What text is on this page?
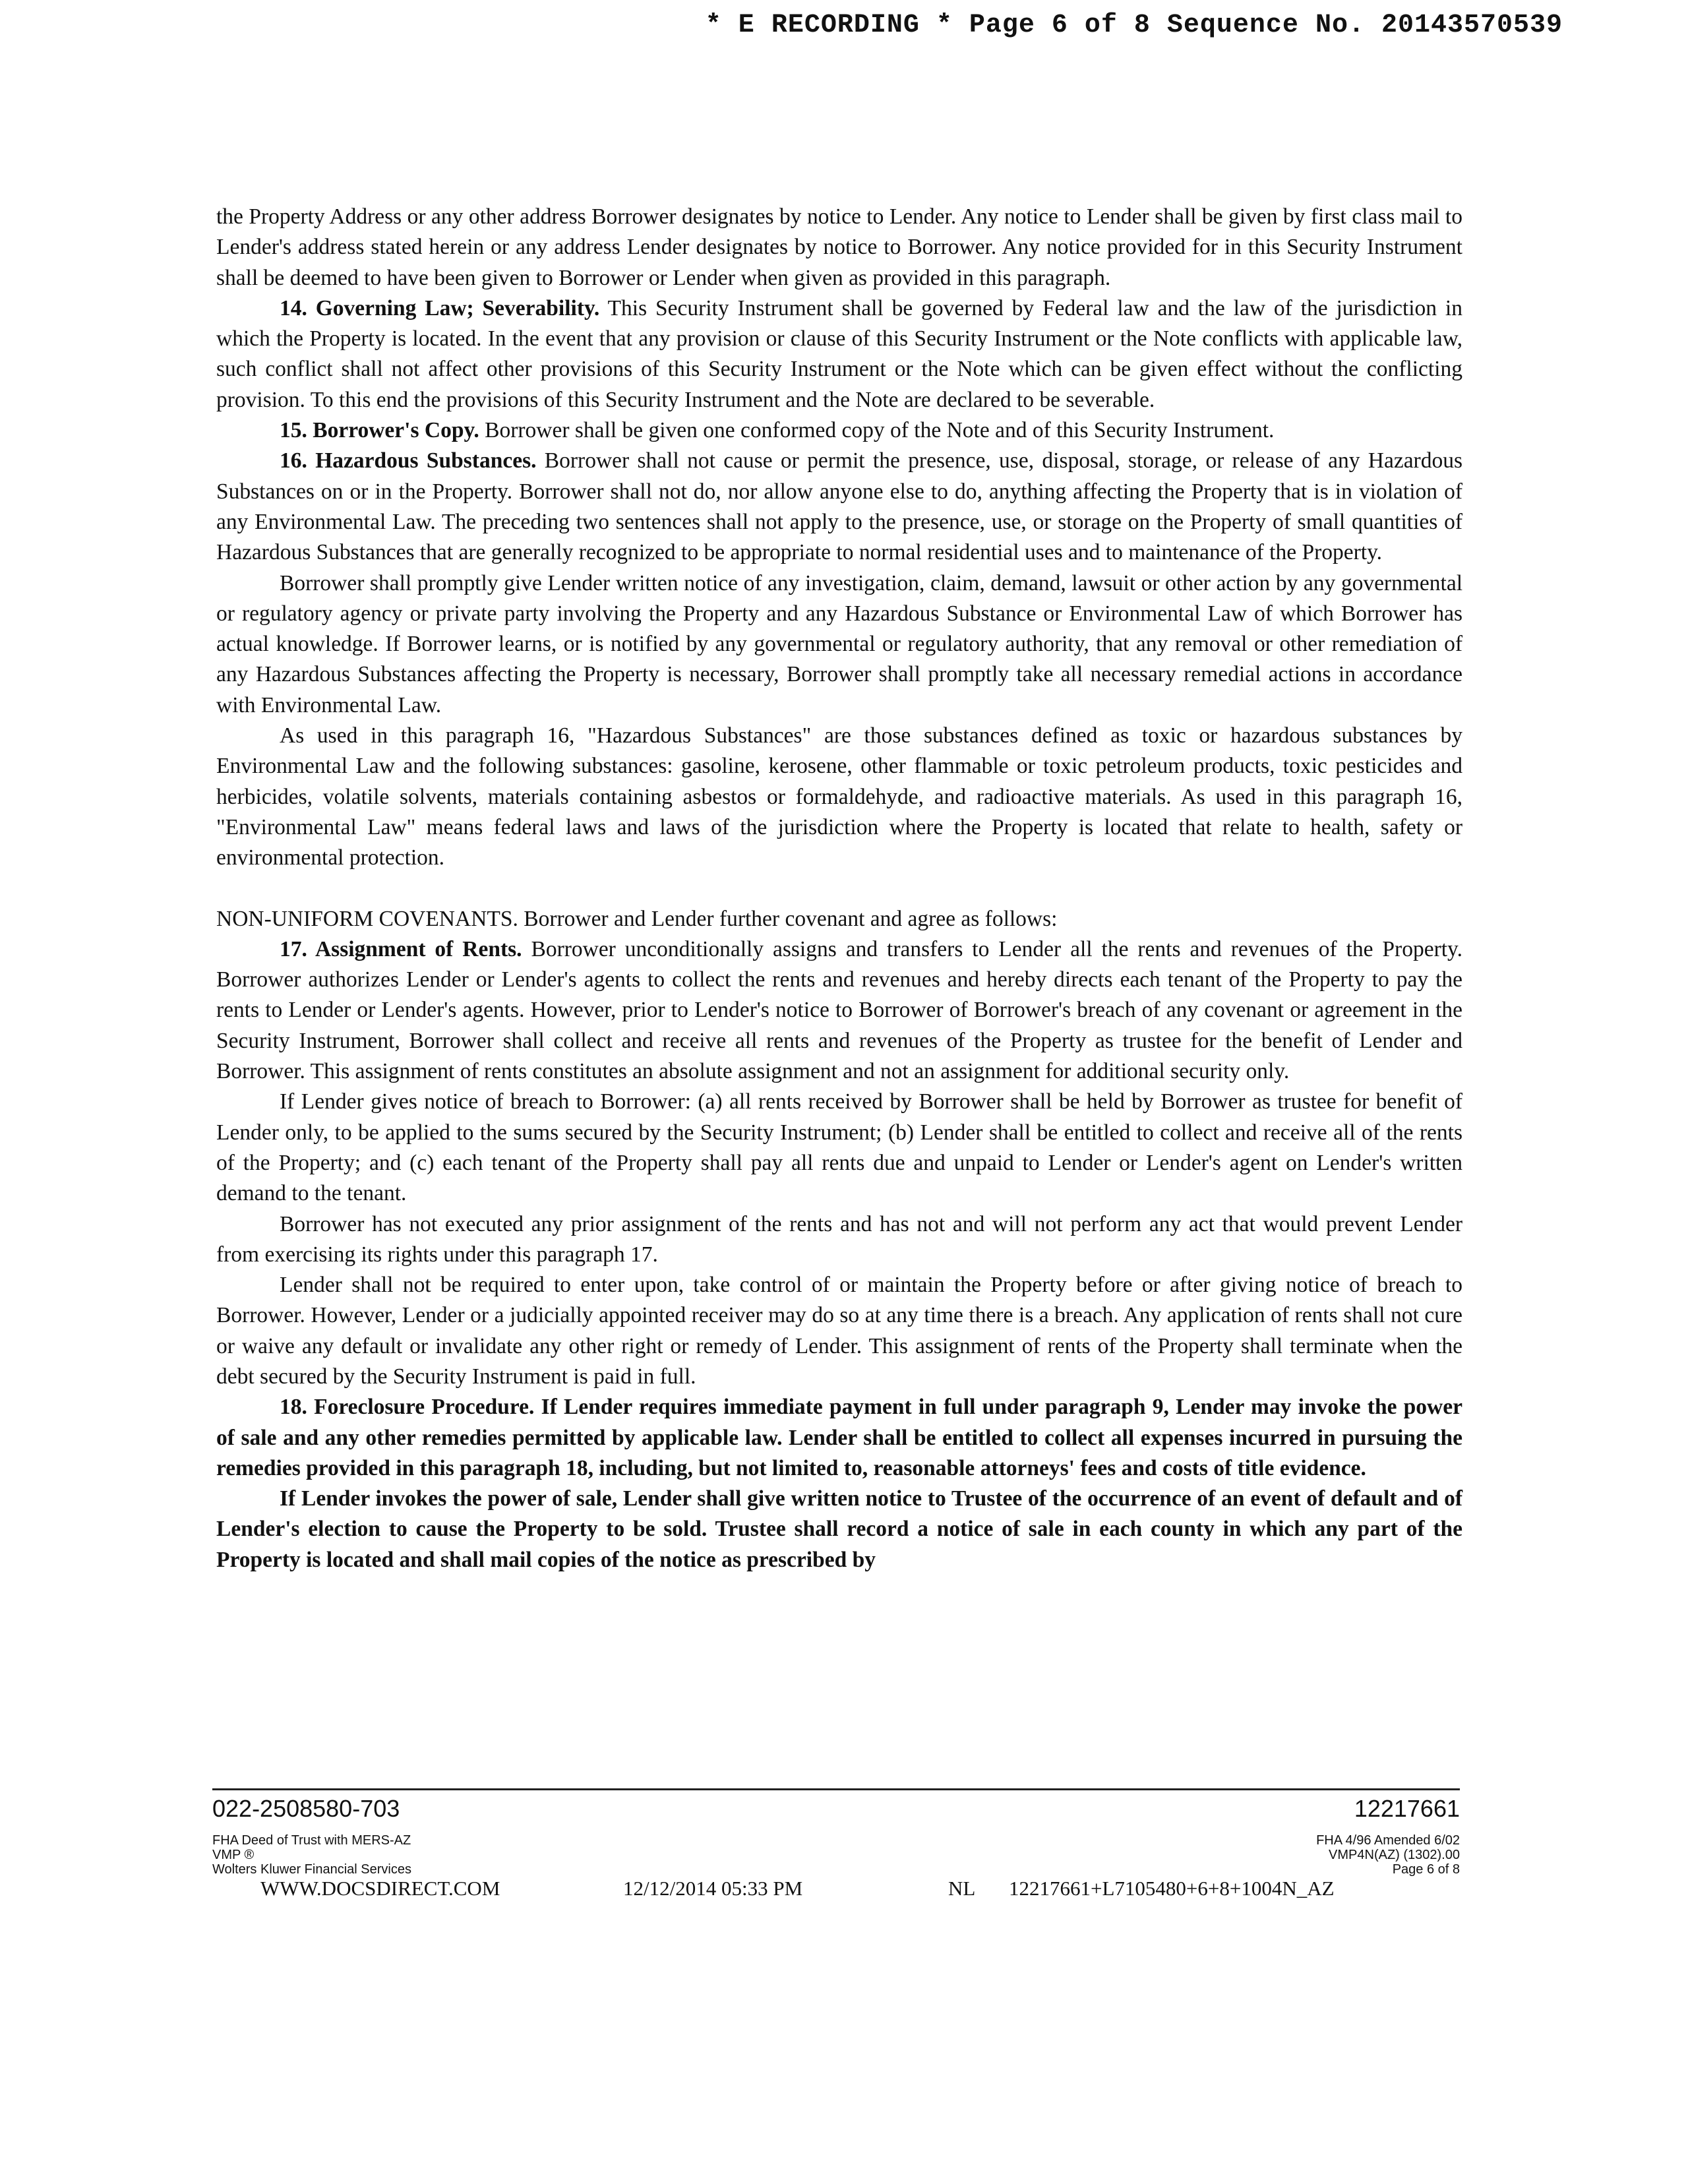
* E RECORDING * Page 6 of 8 Sequence No. 20143570539

the Property Address or any other address Borrower designates by notice to Lender. Any notice to Lender shall be given by first class mail to Lender's address stated herein or any address Lender designates by notice to Borrower. Any notice provided for in this Security Instrument shall be deemed to have been given to Borrower or Lender when given as provided in this paragraph.

14. Governing Law; Severability. This Security Instrument shall be governed by Federal law and the law of the jurisdiction in which the Property is located. In the event that any provision or clause of this Security Instrument or the Note conflicts with applicable law, such conflict shall not affect other provisions of this Security Instrument or the Note which can be given effect without the conflicting provision. To this end the provisions of this Security Instrument and the Note are declared to be severable.

15. Borrower's Copy. Borrower shall be given one conformed copy of the Note and of this Security Instrument.

16. Hazardous Substances. Borrower shall not cause or permit the presence, use, disposal, storage, or release of any Hazardous Substances on or in the Property. Borrower shall not do, nor allow anyone else to do, anything affecting the Property that is in violation of any Environmental Law. The preceding two sentences shall not apply to the presence, use, or storage on the Property of small quantities of Hazardous Substances that are generally recognized to be appropriate to normal residential uses and to maintenance of the Property.

Borrower shall promptly give Lender written notice of any investigation, claim, demand, lawsuit or other action by any governmental or regulatory agency or private party involving the Property and any Hazardous Substance or Environmental Law of which Borrower has actual knowledge. If Borrower learns, or is notified by any governmental or regulatory authority, that any removal or other remediation of any Hazardous Substances affecting the Property is necessary, Borrower shall promptly take all necessary remedial actions in accordance with Environmental Law.

As used in this paragraph 16, "Hazardous Substances" are those substances defined as toxic or hazardous substances by Environmental Law and the following substances: gasoline, kerosene, other flammable or toxic petroleum products, toxic pesticides and herbicides, volatile solvents, materials containing asbestos or formaldehyde, and radioactive materials. As used in this paragraph 16, "Environmental Law" means federal laws and laws of the jurisdiction where the Property is located that relate to health, safety or environmental protection.

NON-UNIFORM COVENANTS. Borrower and Lender further covenant and agree as follows:

17. Assignment of Rents. Borrower unconditionally assigns and transfers to Lender all the rents and revenues of the Property. Borrower authorizes Lender or Lender's agents to collect the rents and revenues and hereby directs each tenant of the Property to pay the rents to Lender or Lender's agents. However, prior to Lender's notice to Borrower of Borrower's breach of any covenant or agreement in the Security Instrument, Borrower shall collect and receive all rents and revenues of the Property as trustee for the benefit of Lender and Borrower. This assignment of rents constitutes an absolute assignment and not an assignment for additional security only.

If Lender gives notice of breach to Borrower: (a) all rents received by Borrower shall be held by Borrower as trustee for benefit of Lender only, to be applied to the sums secured by the Security Instrument; (b) Lender shall be entitled to collect and receive all of the rents of the Property; and (c) each tenant of the Property shall pay all rents due and unpaid to Lender or Lender's agent on Lender's written demand to the tenant.

Borrower has not executed any prior assignment of the rents and has not and will not perform any act that would prevent Lender from exercising its rights under this paragraph 17.

Lender shall not be required to enter upon, take control of or maintain the Property before or after giving notice of breach to Borrower. However, Lender or a judicially appointed receiver may do so at any time there is a breach. Any application of rents shall not cure or waive any default or invalidate any other right or remedy of Lender. This assignment of rents of the Property shall terminate when the debt secured by the Security Instrument is paid in full.

18. Foreclosure Procedure. If Lender requires immediate payment in full under paragraph 9, Lender may invoke the power of sale and any other remedies permitted by applicable law. Lender shall be entitled to collect all expenses incurred in pursuing the remedies provided in this paragraph 18, including, but not limited to, reasonable attorneys' fees and costs of title evidence.

If Lender invokes the power of sale, Lender shall give written notice to Trustee of the occurrence of an event of default and of Lender's election to cause the Property to be sold. Trustee shall record a notice of sale in each county in which any part of the Property is located and shall mail copies of the notice as prescribed by

022-2508580-703	12217661
FHA Deed of Trust with MERS-AZ
VMP ®
Wolters Kluwer Financial Services
FHA 4/96 Amended 6/02
VMP4N(AZ) (1302).00
Page 6 of 8
WWW.DOCSDIRECT.COM	12/12/2014 05:33 PM	NL 12217661+L7105480+6+8+1004N_AZ
